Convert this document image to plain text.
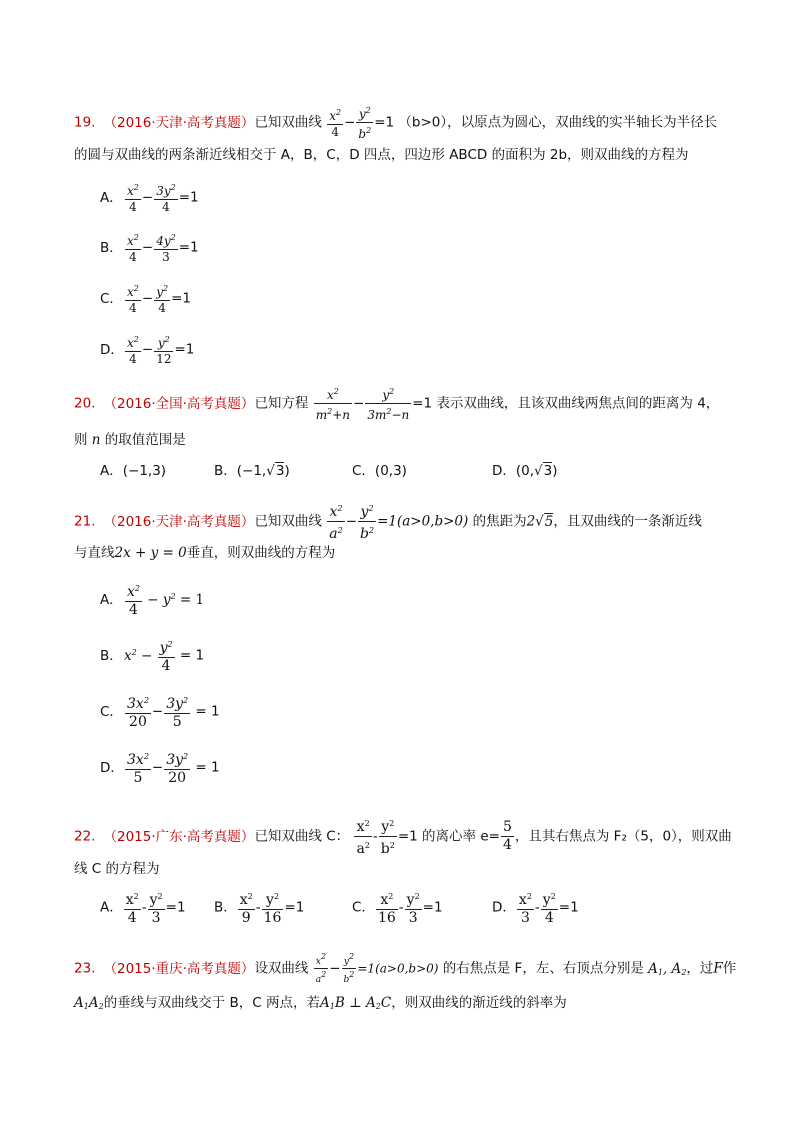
19. （2016·天津·高考真题）已知双曲线 $\frac{x^2}{4} - \frac{y^2}{b^2} =1$ （b>0），以原点为圆心，双曲线的实半轴长为半径长
的圆与双曲线的两条渐近线相交于 A，B，C，D 四点，四边形 ABCD 的面积为 2b，则双曲线的方程为
A． $\frac{x^2}{4} - \frac{3y^2}{4} =1$
B． $\frac{x^2}{4} - \frac{4y^2}{3} =1$
C． $\frac{x^2}{4} - \frac{y^2}{4} =1$
D． $\frac{x^2}{4} - \frac{y^2}{12} =1$
20. （2016·全国·高考真题）已知方程 $\frac{x^2}{m^2+n} - \frac{y^2}{3m^2-n} =1$ 表示双曲线，且该双曲线两焦点间的距离为 4，
则 n 的取值范围是
A．(−1,3)	B．(−1,√3)	C．(0,3)	D．(0,√3)
21. （2016·天津·高考真题）已知双曲线 $\frac{x^2}{a^2} - \frac{y^2}{b^2} =1(a>0,b>0)$ 的焦距为2√5，且双曲线的一条渐近线
与直线2x + y = 0垂直，则双曲线的方程为
A． $\frac{x^2}{4} - y^2 = 1$
B．$x^2 - \frac{y^2}{4} = 1$
C． $\frac{3x^2}{20} - \frac{3y^2}{5} = 1$
D． $\frac{3x^2}{5} - \frac{3y^2}{20} = 1$
22. （2015·广东·高考真题）已知双曲线 C： $\frac{x^2}{a^2} - \frac{y^2}{b^2} =1$ 的离心率 $e= \frac{5}{4}$ ，且其右焦点为 F₂（5，0），则双曲
线 C 的方程为
A． $\frac{x^2}{4} - \frac{y^2}{3} =1$ B． $\frac{x^2}{9} - \frac{y^2}{16} =1$	C． $\frac{x^2}{16} - \frac{y^2}{3} =1$	D． $\frac{x^2}{3} - \frac{y^2}{4} =1$
23. （2015·重庆·高考真题）设双曲线 $\frac{x^2}{a^2} - \frac{y^2}{b^2} =1(a>0,b>0)$ 的右焦点是 F，左、右顶点分别是 $A_1$, $A_2$，过F作
$A_1A_2$的垂线与双曲线交于 B，C 两点，若$A_1B$ ⊥ $A_2C$，则双曲线的渐近线的斜率为
